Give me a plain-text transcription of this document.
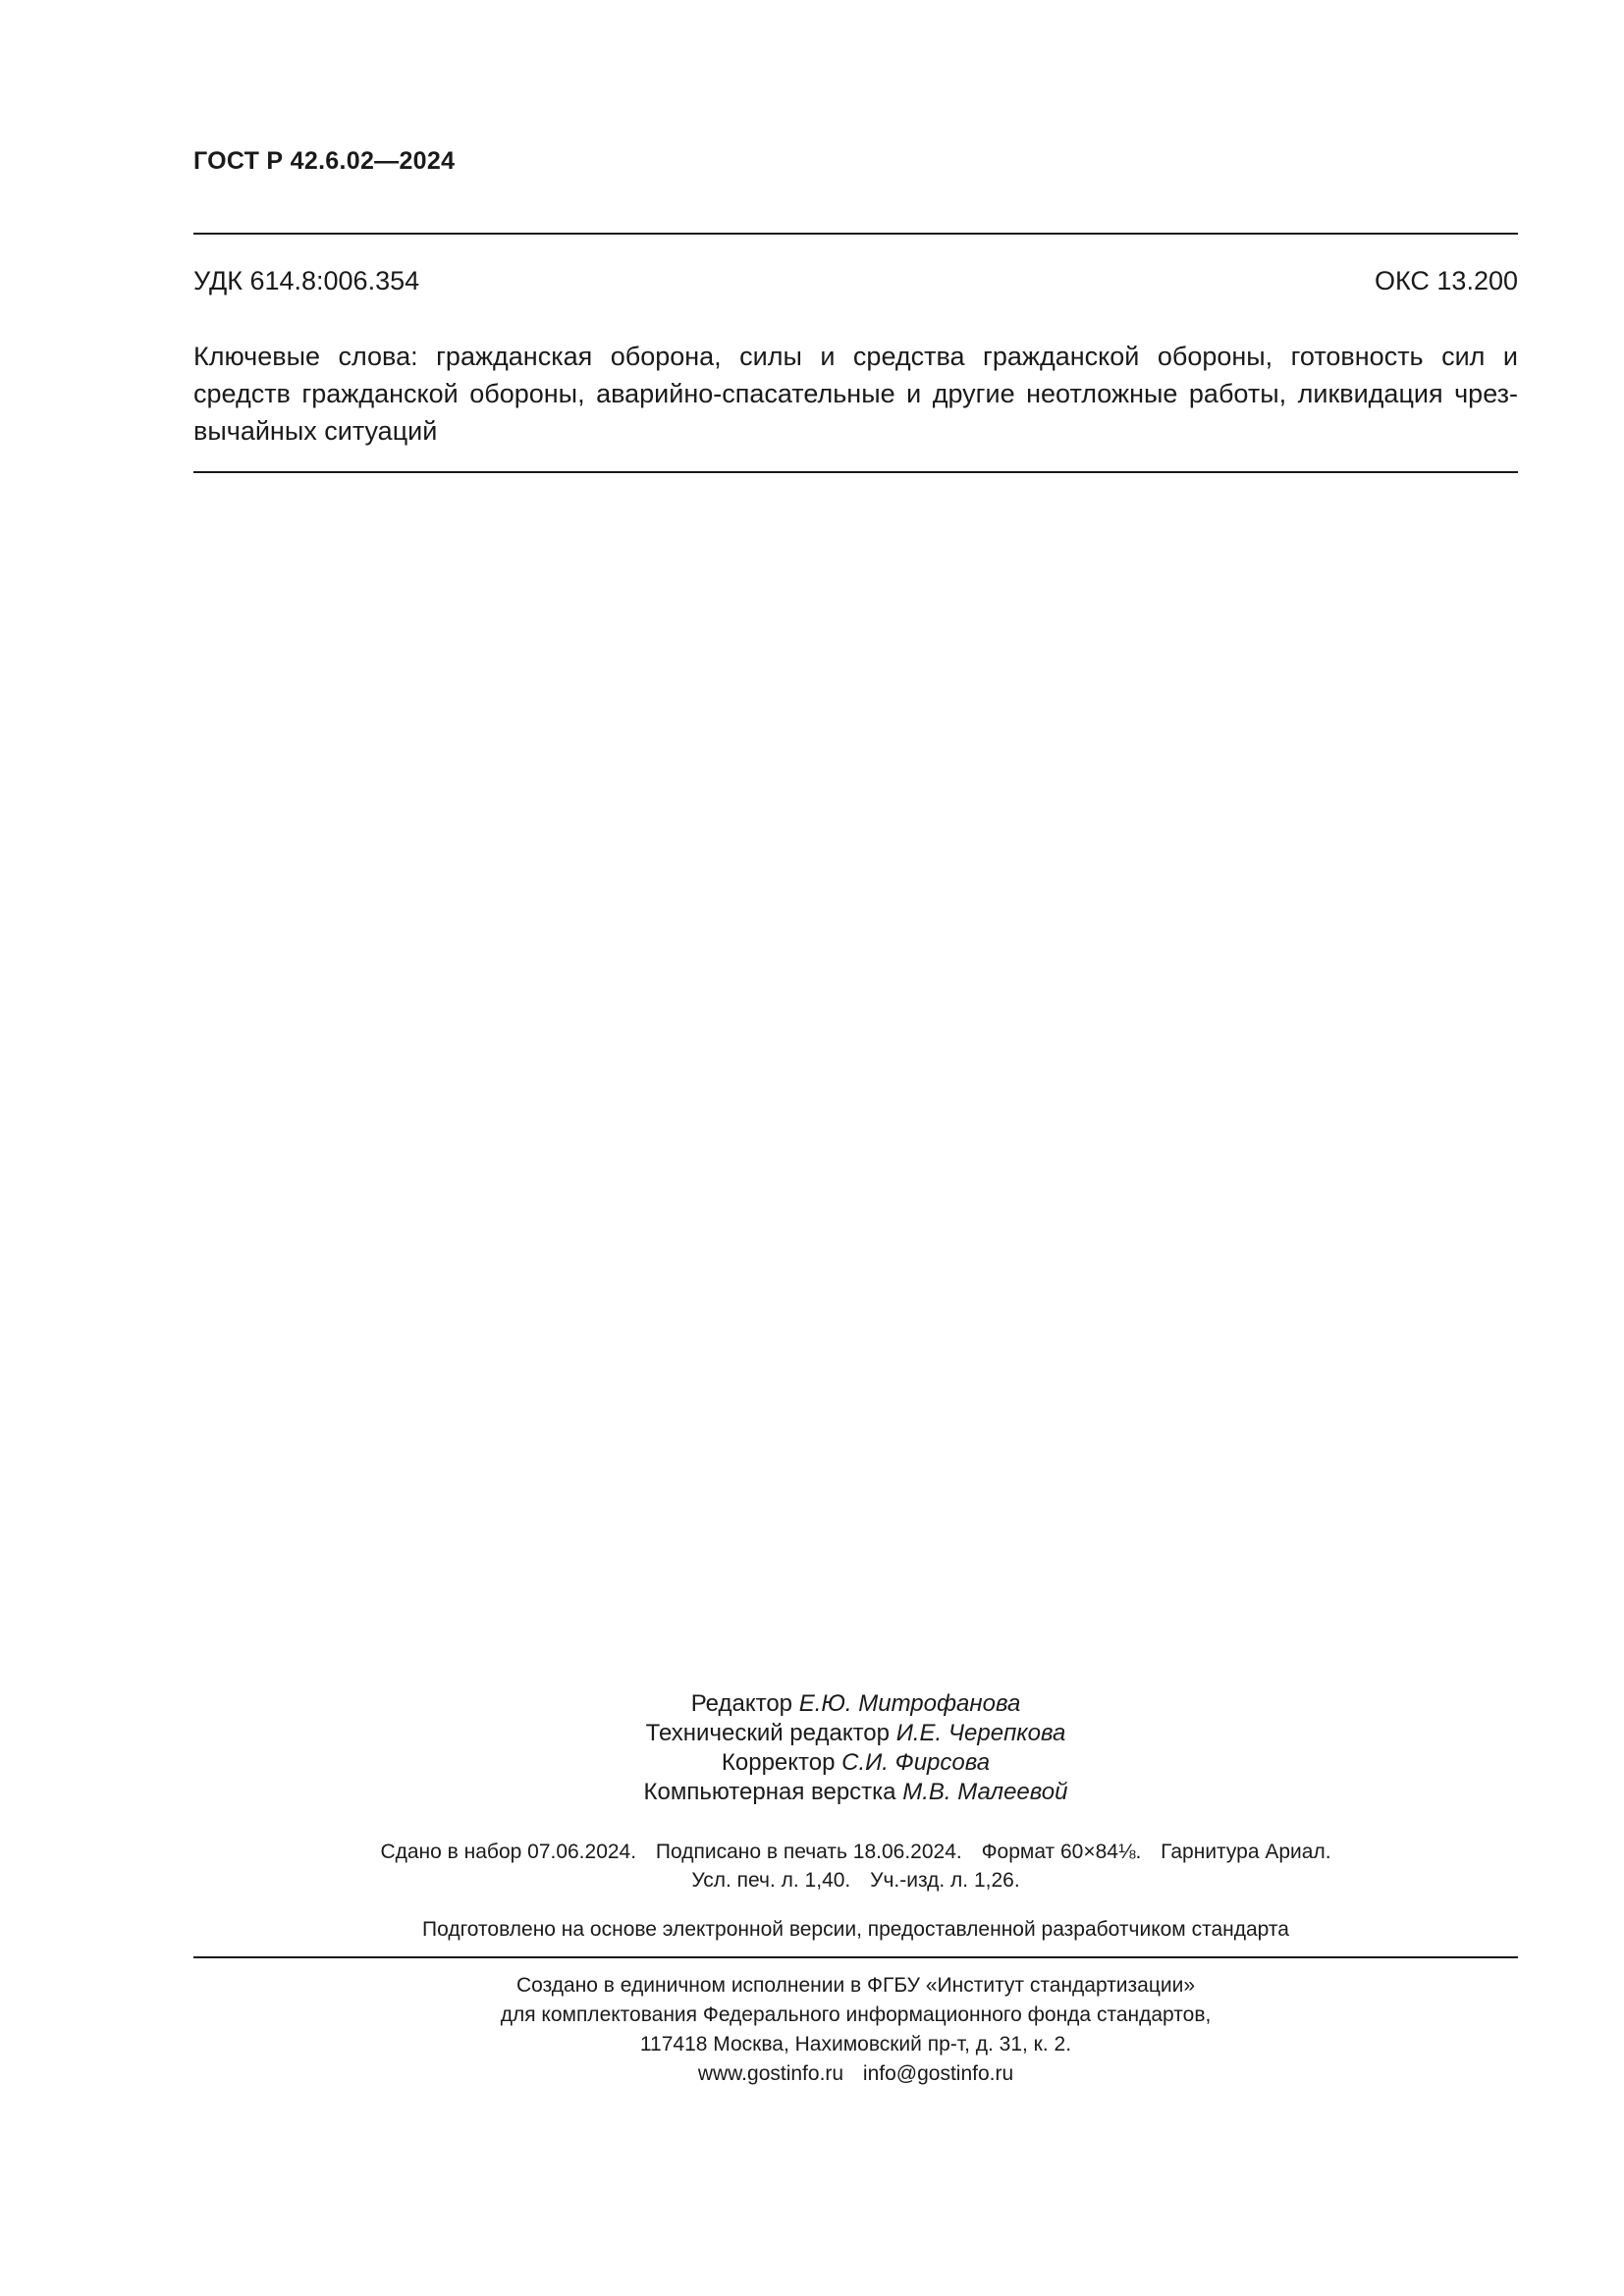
ГОСТ Р 42.6.02—2024
УДК 614.8:006.354	ОКС 13.200
Ключевые слова: гражданская оборона, силы и средства гражданской обороны, готовность сил и
средств гражданской обороны, аварийно-спасательные и другие неотложные работы, ликвидация чрез-
вычайных ситуаций
Редактор Е.Ю. Митрофанова
Технический редактор И.Е. Черепкова
Корректор С.И. Фирсова
Компьютерная верстка М.В. Малеевой
Сдано в набор 07.06.2024. Подписано в печать 18.06.2024. Формат 60×84⅛. Гарнитура Ариал.
Усл. печ. л. 1,40. Уч.-изд. л. 1,26.
Подготовлено на основе электронной версии, предоставленной разработчиком стандарта
Создано в единичном исполнении в ФГБУ «Институт стандартизации»
для комплектования Федерального информационного фонда стандартов,
117418 Москва, Нахимовский пр-т, д. 31, к. 2.
www.gostinfo.ru info@gostinfo.ru
